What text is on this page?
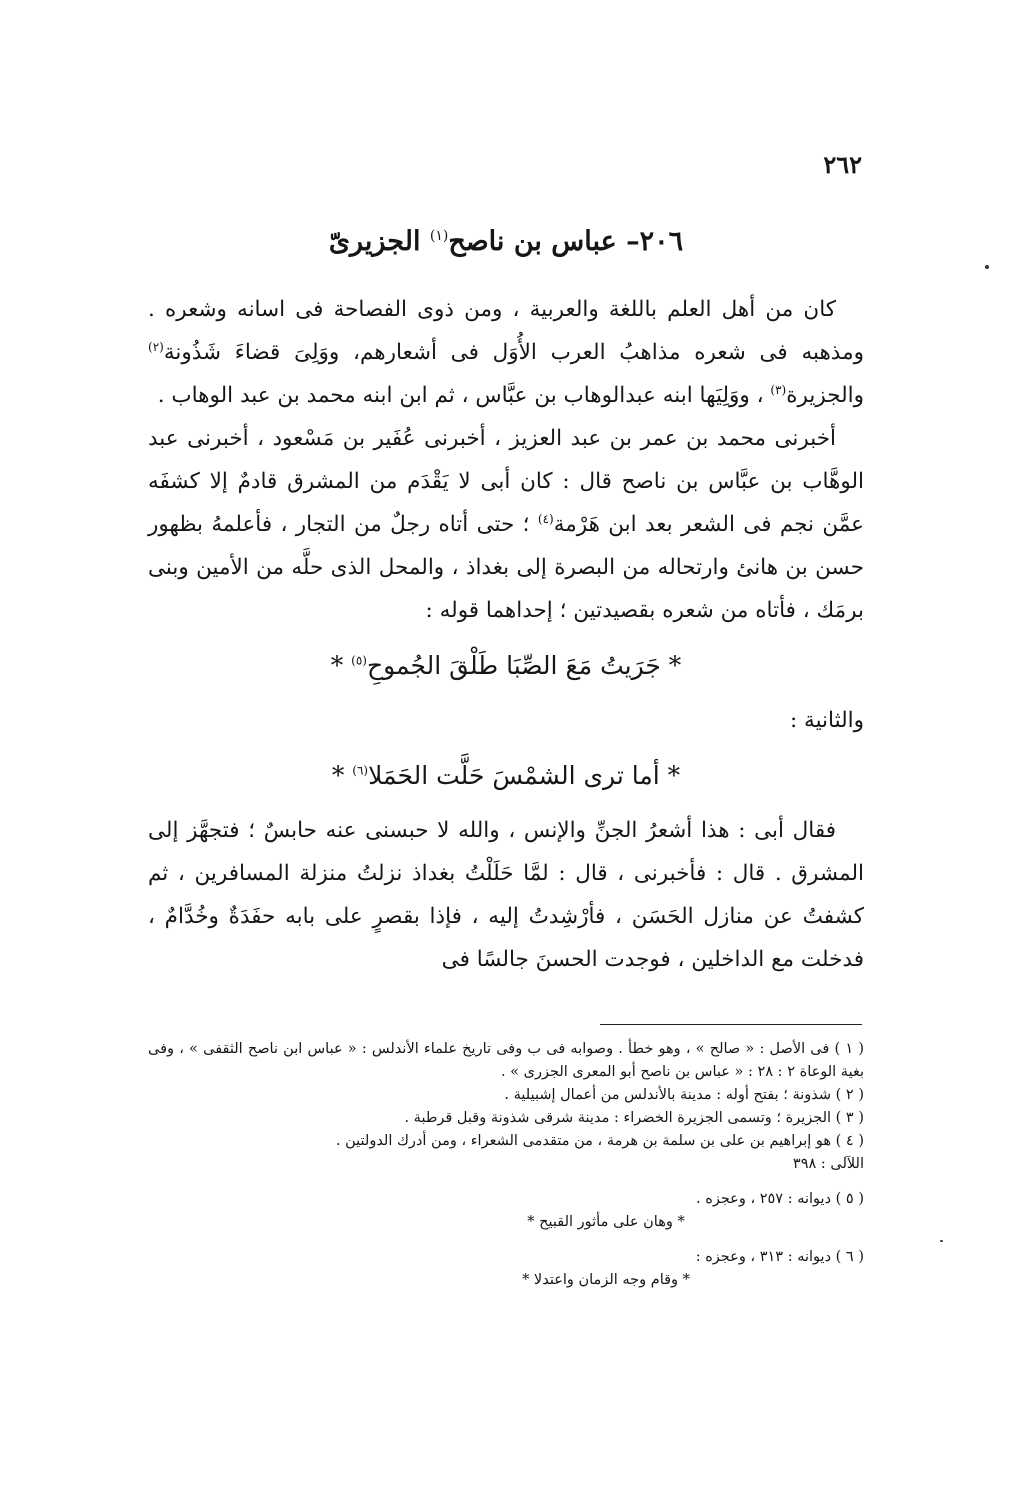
٢٦٢
٢٠٦– عباس بن ناصح$^{(١)}$ الجزيرىّ

كان من أهل العلم باللغة والعربية ، ومن ذوى الفصاحة فى اسانه وشعره . ومذهبه فى شعره مذاهبُ العرب الأُوَل فى أشعارهم، ووَلِىَ قضاءَ شَذُونة$^{(٢)}$ والجزيرة$^{(٣)}$ ، ووَلِيَها ابنه عبدالوهاب بن عبَّاس ، ثم ابن ابنه محمد بن عبد الوهاب .

أخبرنى محمد بن عمر بن عبد العزيز ، أخبرنى عُفَير بن مَسْعود ، أخبرنى عبد الوهَّاب بن عبَّاس بن ناصح قال : كان أبى لا يَقْدَم من المشرق قادمٌ إلا كشفَه عمَّن نجم فى الشعر بعد ابن هَرْمة$^{(٤)}$ ؛ حتى أتاه رجلٌ من التجار ، فأعلمهُ بظهور حسن بن هانئ وارتحاله من البصرة إلى بغداذ ، والمحل الذى حلَّه من الأمين وبنى برمَك ، فأتاه من شعره بقصيدتين ؛ إحداهما قوله :

* جَرَيتُ مَعَ الصِّبَا طَلْقَ الجُموحِ$^{(٥)}$ *

والثانية :

* أما ترى الشمْسَ حَلَّت الحَمَلا$^{(٦)}$ *

فقال أبى : هذا أشعرُ الجنِّ والإنس ، والله لا حبسنى عنه حابسٌ ؛ فتجهَّز إلى المشرق . قال : فأخبرنى ، قال : لمَّا حَلَلْتُ بغداذ نزلتُ منزلة المسافرين ، ثم كشفتُ عن منازل الحَسَن ، فأرْشِدتُ إليه ، فإذا بقصرٍ على بابه حفَدَةٌ وخُدَّامٌ ، فدخلت مع الداخلين ، فوجدت الحسنَ جالسًا فى

( ١ ) فى الأصل : « صالح » ، وهو خطأ . وصوابه فى ب وفى تاريخ علماء الأندلس : « عباس ابن ناصح الثقفى » ، وفى بغية الوعاة ٢ : ٢٨ : « عباس بن ناصح أبو المعرى الجزرى » .

( ٢ ) شذونة ؛ بفتح أوله : مدينة بالأندلس من أعمال إشبيلية .

( ٣ ) الجزيرة ؛ وتسمى الجزيرة الخضراء : مدينة شرقى شذونة وقبل قرطبة .

( ٤ ) هو إبراهيم بن على بن سلمة بن هرمة ، من متقدمى الشعراء ، ومن أدرك الدولتين .

اللآلى : ٣٩٨

( ٥ ) ديوانه : ٢٥٧ ، وعجزه .

* وهان على مأثور القبيح *

( ٦ ) ديوانه : ٣١٣ ، وعجزه :

* وقام وجه الزمان واعتدلا *
